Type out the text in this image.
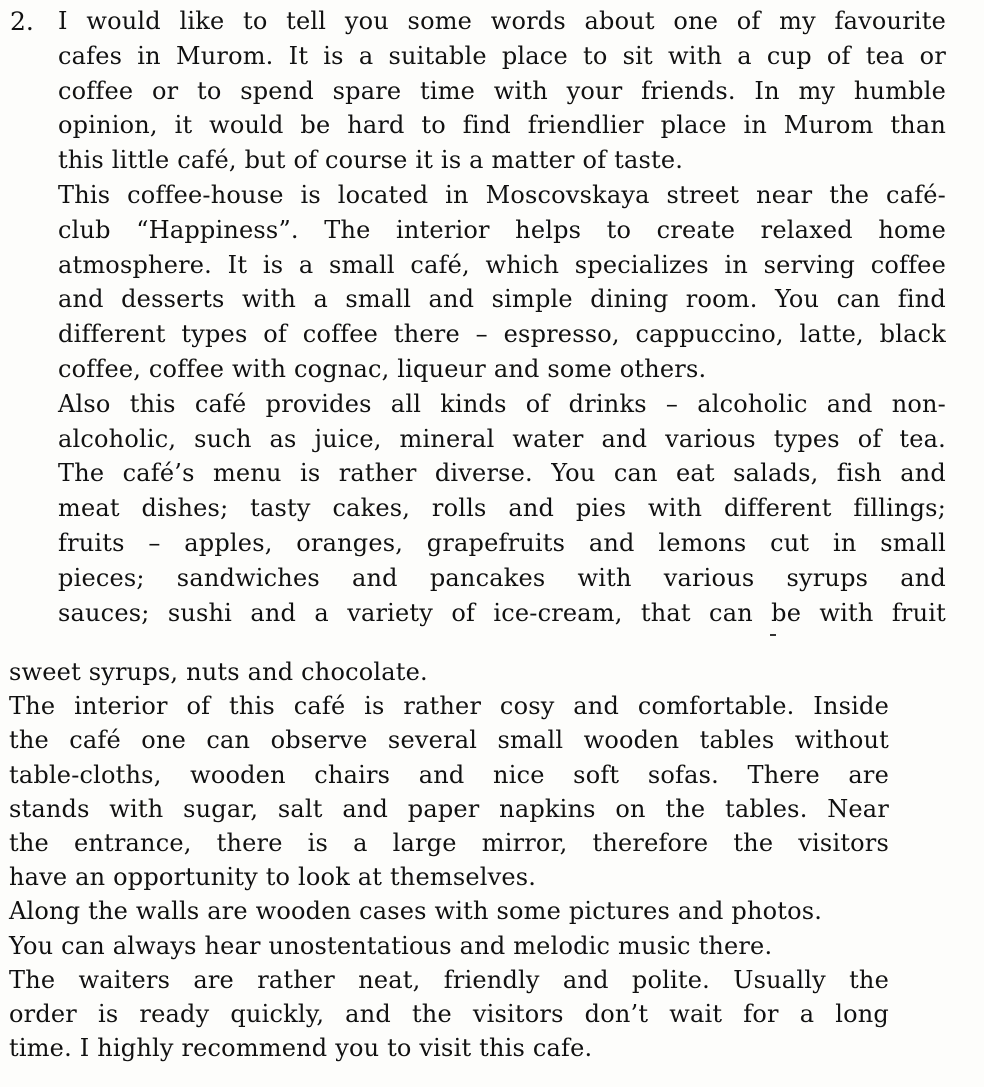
2. I would like to tell you some words about one of my favourite
cafes in Murom. It is a suitable place to sit with a cup of tea or
coffee or to spend spare time with your friends. In my humble
opinion, it would be hard to find friendlier place in Murom than
this little café, but of course it is a matter of taste.
This coffee-house is located in Moscovskaya street near the café-
club “Happiness”. The interior helps to create relaxed home
atmosphere. It is a small café, which specializes in serving coffee
and desserts with a small and simple dining room. You can find
different types of coffee there – espresso, cappuccino, latte, black
coffee, coffee with cognac, liqueur and some others.
Also this café provides all kinds of drinks – alcoholic and non-
alcoholic, such as juice, mineral water and various types of tea.
The café’s menu is rather diverse. You can eat salads, fish and
meat dishes; tasty cakes, rolls and pies with different fillings;
fruits – apples, oranges, grapefruits and lemons cut in small
pieces; sandwiches and pancakes with various syrups and
sauces; sushi and a variety of ice-cream, that can be with fruit
sweet syrups, nuts and chocolate.
The interior of this café is rather cosy and comfortable. Inside
the café one can observe several small wooden tables without
table-cloths, wooden chairs and nice soft sofas. There are
stands with sugar, salt and paper napkins on the tables. Near
the entrance, there is a large mirror, therefore the visitors
have an opportunity to look at themselves.
Along the walls are wooden cases with some pictures and photos.
You can always hear unostentatious and melodic music there.
The waiters are rather neat, friendly and polite. Usually the
order is ready quickly, and the visitors don’t wait for a long
time. I highly recommend you to visit this cafe.
